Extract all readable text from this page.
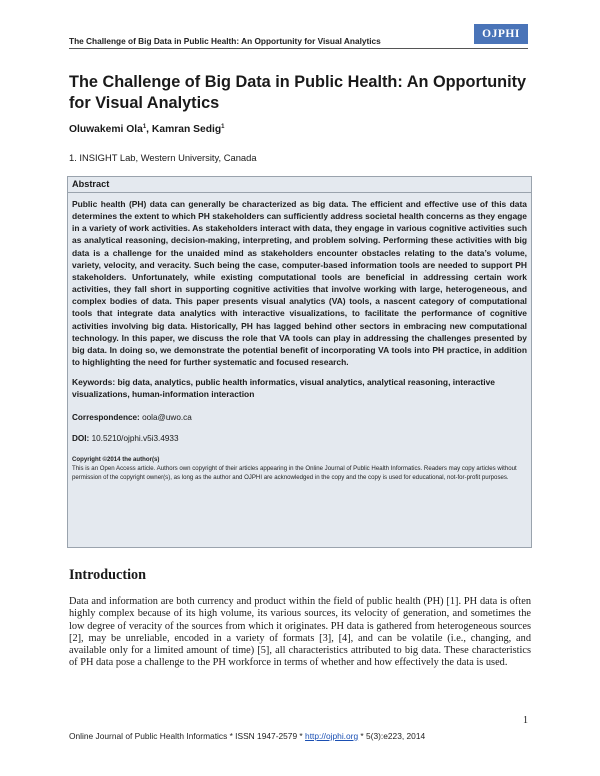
The Challenge of Big Data in Public Health: An Opportunity for Visual Analytics
OJPHI
The Challenge of Big Data in Public Health: An Opportunity for Visual Analytics
Oluwakemi Ola$^1$, Kamran Sedig$^1$
1. INSIGHT Lab, Western University, Canada
Abstract
Public health (PH) data can generally be characterized as big data. The efficient and effective use of this data determines the extent to which PH stakeholders can sufficiently address societal health concerns as they engage in a variety of work activities. As stakeholders interact with data, they engage in various cognitive activities such as analytical reasoning, decision-making, interpreting, and problem solving. Performing these activities with big data is a challenge for the unaided mind as stakeholders encounter obstacles relating to the data’s volume, variety, velocity, and veracity. Such being the case, computer-based information tools are needed to support PH stakeholders. Unfortunately, while existing computational tools are beneficial in addressing certain work activities, they fall short in supporting cognitive activities that involve working with large, heterogeneous, and complex bodies of data. This paper presents visual analytics (VA) tools, a nascent category of computational tools that integrate data analytics with interactive visualizations, to facilitate the performance of cognitive activities involving big data. Historically, PH has lagged behind other sectors in embracing new computational technology. In this paper, we discuss the role that VA tools can play in addressing the challenges presented by big data. In doing so, we demonstrate the potential benefit of incorporating VA tools into PH practice, in addition to highlighting the need for further systematic and focused research.
Keywords: big data, analytics, public health informatics, visual analytics, analytical reasoning, interactive visualizations, human-information interaction
Correspondence: oola@uwo.ca
DOI: 10.5210/ojphi.v5i3.4933
Copyright ©2014 the author(s)
This is an Open Access article. Authors own copyright of their articles appearing in the Online Journal of Public Health Informatics. Readers may copy articles without permission of the copyright owner(s), as long as the author and OJPHI are acknowledged in the copy and the copy is used for educational, not-for-profit purposes.
Introduction
Data and information are both currency and product within the field of public health (PH) [1]. PH data is often highly complex because of its high volume, its various sources, its velocity of generation, and sometimes the low degree of veracity of the sources from which it originates. PH data is gathered from heterogeneous sources [2], may be unreliable, encoded in a variety of formats [3], [4], and can be volatile (i.e., changing, and available only for a limited amount of time) [5], all characteristics attributed to big data. These characteristics of PH data pose a challenge to the PH workforce in terms of whether and how effectively the data is used.
1
Online Journal of Public Health Informatics * ISSN 1947-2579 * http://ojphi.org * 5(3):e223, 2014
